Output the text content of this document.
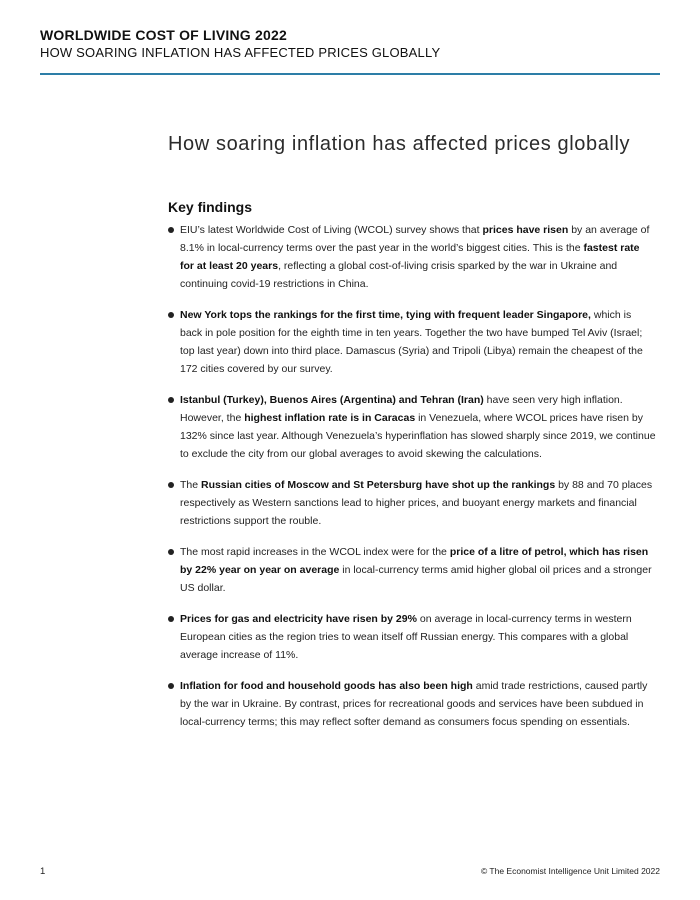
WORLDWIDE COST OF LIVING 2022
HOW SOARING INFLATION HAS AFFECTED PRICES GLOBALLY
How soaring inflation has affected prices globally
Key findings
EIU’s latest Worldwide Cost of Living (WCOL) survey shows that prices have risen by an average of 8.1% in local-currency terms over the past year in the world’s biggest cities. This is the fastest rate for at least 20 years, reflecting a global cost-of-living crisis sparked by the war in Ukraine and continuing covid-19 restrictions in China.
New York tops the rankings for the first time, tying with frequent leader Singapore, which is back in pole position for the eighth time in ten years. Together the two have bumped Tel Aviv (Israel; top last year) down into third place. Damascus (Syria) and Tripoli (Libya) remain the cheapest of the 172 cities covered by our survey.
Istanbul (Turkey), Buenos Aires (Argentina) and Tehran (Iran) have seen very high inflation. However, the highest inflation rate is in Caracas in Venezuela, where WCOL prices have risen by 132% since last year. Although Venezuela’s hyperinflation has slowed sharply since 2019, we continue to exclude the city from our global averages to avoid skewing the calculations.
The Russian cities of Moscow and St Petersburg have shot up the rankings by 88 and 70 places respectively as Western sanctions lead to higher prices, and buoyant energy markets and financial restrictions support the rouble.
The most rapid increases in the WCOL index were for the price of a litre of petrol, which has risen by 22% year on year on average in local-currency terms amid higher global oil prices and a stronger US dollar.
Prices for gas and electricity have risen by 29% on average in local-currency terms in western European cities as the region tries to wean itself off Russian energy. This compares with a global average increase of 11%.
Inflation for food and household goods has also been high amid trade restrictions, caused partly by the war in Ukraine. By contrast, prices for recreational goods and services have been subdued in local-currency terms; this may reflect softer demand as consumers focus spending on essentials.
1	© The Economist Intelligence Unit Limited 2022
